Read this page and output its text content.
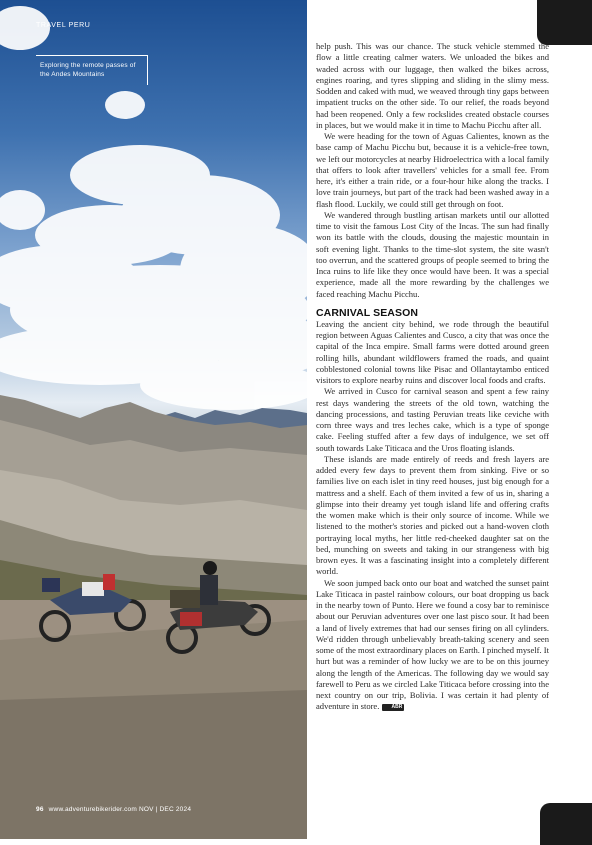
TRAVEL PERU
Exploring the remote passes of the Andes Mountains
96 www.adventurebikerider.com NOV | DEC 2024

help push. This was our chance. The stuck vehicle stemmed the flow a little creating calmer waters. We unloaded the bikes and waded across with our luggage, then walked the bikes across, engines roaring, and tyres slipping and sliding in the slimy mess. Sodden and caked with mud, we weaved through tiny gaps between impatient trucks on the other side. To our relief, the roads beyond had been reopened. Only a few rockslides created obstacle courses in places, but we would make it in time to Machu Picchu after all.

We were heading for the town of Aguas Calientes, known as the base camp of Machu Picchu but, because it is a vehicle-free town, we left our motorcycles at nearby Hidroelectrica with a local family that offers to look after travellers' vehicles for a small fee. From here, it's either a train ride, or a four-hour hike along the tracks. I love train journeys, but part of the track had been washed away in a flash flood. Luckily, we could still get through on foot.

We wandered through bustling artisan markets until our allotted time to visit the famous Lost City of the Incas. The sun had finally won its battle with the clouds, dousing the majestic mountain in soft evening light. Thanks to the time-slot system, the site wasn't too overrun, and the scattered groups of people seemed to bring the Inca ruins to life like they once would have been. It was a special experience, made all the more rewarding by the challenges we faced reaching Machu Picchu.

CARNIVAL SEASON

Leaving the ancient city behind, we rode through the beautiful region between Aguas Calientes and Cusco, a city that was once the capital of the Inca empire. Small farms were dotted around green rolling hills, abundant wildflowers framed the roads, and quaint cobblestoned colonial towns like Pisac and Ollantaytambo enticed visitors to explore nearby ruins and discover local foods and crafts.

We arrived in Cusco for carnival season and spent a few rainy rest days wandering the streets of the old town, watching the dancing processions, and tasting Peruvian treats like ceviche with corn three ways and tres leches cake, which is a type of sponge cake. Feeling stuffed after a few days of indulgence, we set off south towards Lake Titicaca and the Uros floating islands.

These islands are made entirely of reeds and fresh layers are added every few days to prevent them from sinking. Five or so families live on each islet in tiny reed houses, just big enough for a mattress and a shelf. Each of them invited a few of us in, sharing a glimpse into their dreamy yet tough island life and offering crafts the women make which is their only source of income. While we listened to the mother's stories and picked out a hand-woven cloth portraying local myths, her little red-cheeked daughter sat on the bed, munching on sweets and taking in our strangeness with big brown eyes. It was a fascinating insight into a completely different world.

We soon jumped back onto our boat and watched the sunset paint Lake Titicaca in pastel rainbow colours, our boat dropping us back in the nearby town of Punto. Here we found a cosy bar to reminisce about our Peruvian adventures over one last pisco sour. It had been a land of lively extremes that had our senses firing on all cylinders. We'd ridden through unbelievably breath-taking scenery and seen some of the most extraordinary places on Earth. I pinched myself. It hurt but was a reminder of how lucky we are to be on this journey along the length of the Americas. The following day we would say farewell to Peru as we circled Lake Titicaca before crossing into the next country on our trip, Bolivia. I was certain it had plenty of adventure in store. ABR
